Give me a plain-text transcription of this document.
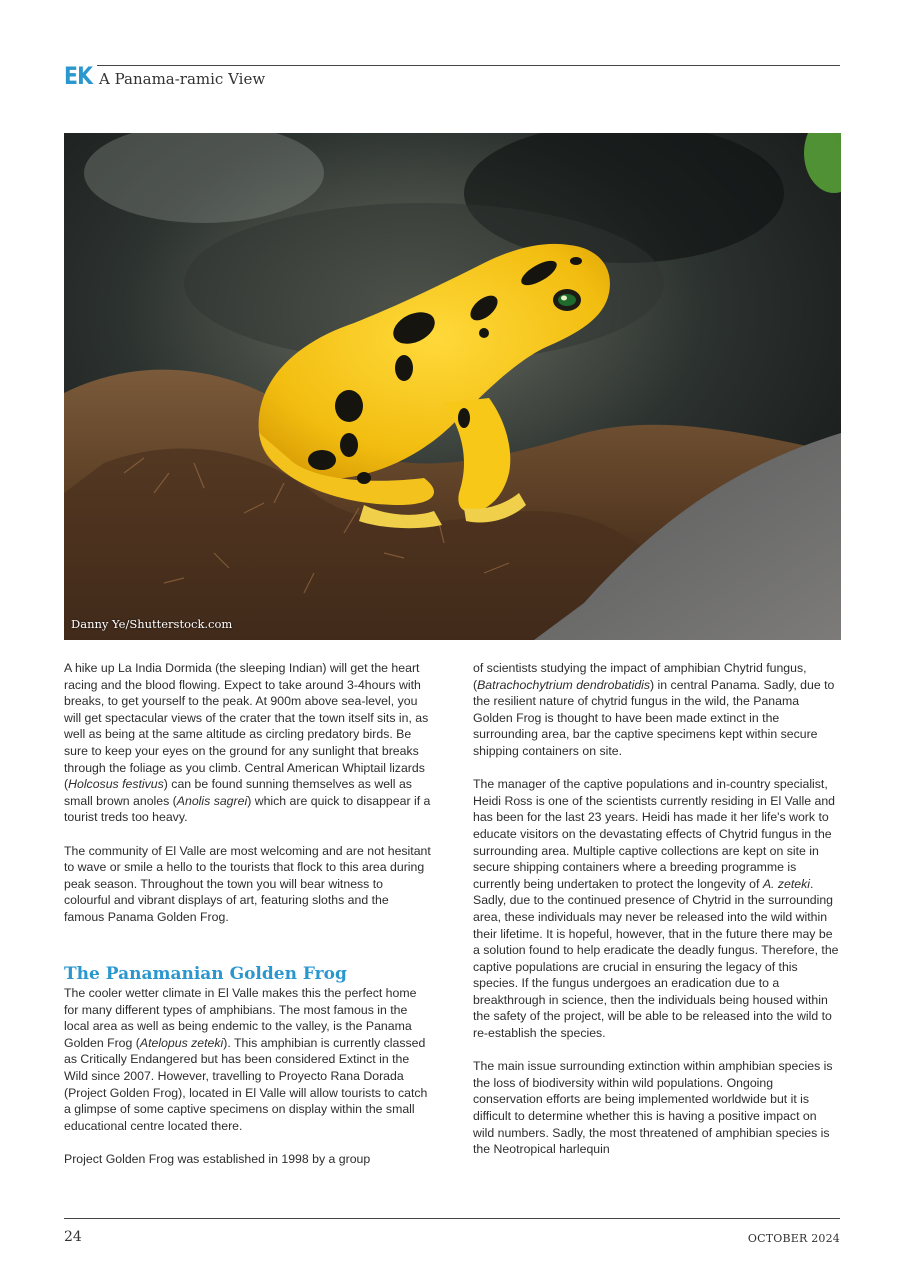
EK A Panama-ramic View
Danny Ye/Shutterstock.com

A hike up La India Dormida (the sleeping Indian) will get the heart racing and the blood flowing. Expect to take around 3-4hours with breaks, to get yourself to the peak. At 900m above sea-level, you will get spectacular views of the crater that the town itself sits in, as well as being at the same altitude as circling predatory birds. Be sure to keep your eyes on the ground for any sunlight that breaks through the foliage as you climb. Central American Whiptail lizards (Holcosus festivus) can be found sunning themselves as well as small brown anoles (Anolis sagrei) which are quick to disappear if a tourist treds too heavy.

The community of El Valle are most welcoming and are not hesitant to wave or smile a hello to the tourists that flock to this area during peak season. Throughout the town you will bear witness to colourful and vibrant displays of art, featuring sloths and the famous Panama Golden Frog.

The Panamanian Golden Frog

The cooler wetter climate in El Valle makes this the perfect home for many different types of amphibians. The most famous in the local area as well as being endemic to the valley, is the Panama Golden Frog (Atelopus zeteki). This amphibian is currently classed as Critically Endangered but has been considered Extinct in the Wild since 2007. However, travelling to Proyecto Rana Dorada (Project Golden Frog), located in El Valle will allow tourists to catch a glimpse of some captive specimens on display within the small educational centre located there.

Project Golden Frog was established in 1998 by a group

of scientists studying the impact of amphibian Chytrid fungus, (Batrachochytrium dendrobatidis) in central Panama. Sadly, due to the resilient nature of chytrid fungus in the wild, the Panama Golden Frog is thought to have been made extinct in the surrounding area, bar the captive specimens kept within secure shipping containers on site.

The manager of the captive populations and in-country specialist, Heidi Ross is one of the scientists currently residing in El Valle and has been for the last 23 years. Heidi has made it her life's work to educate visitors on the devastating effects of Chytrid fungus in the surrounding area. Multiple captive collections are kept on site in secure shipping containers where a breeding programme is currently being undertaken to protect the longevity of A. zeteki. Sadly, due to the continued presence of Chytrid in the surrounding area, these individuals may never be released into the wild within their lifetime. It is hopeful, however, that in the future there may be a solution found to help eradicate the deadly fungus. Therefore, the captive populations are crucial in ensuring the legacy of this species. If the fungus undergoes an eradication due to a breakthrough in science, then the individuals being housed within the safety of the project, will be able to be released into the wild to re-establish the species.

The main issue surrounding extinction within amphibian species is the loss of biodiversity within wild populations. Ongoing conservation efforts are being implemented worldwide but it is difficult to determine whether this is having a positive impact on wild numbers. Sadly, the most threatened of amphibian species is the Neotropical harlequin

24	OCTOBER 2024
